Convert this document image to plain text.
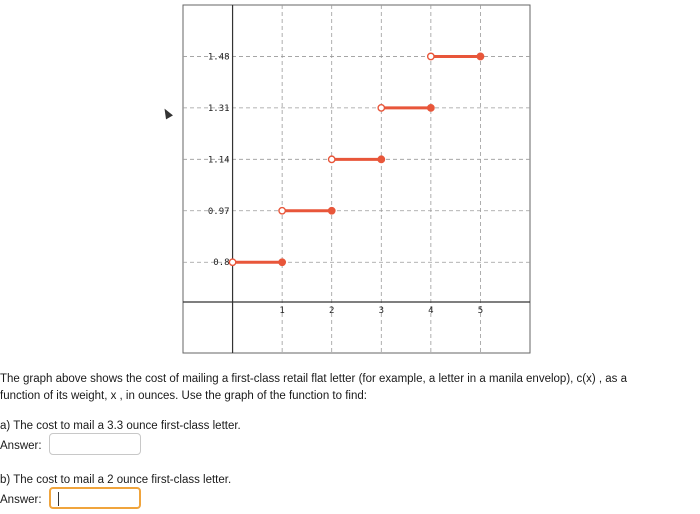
1	2	3	4	5
0.8
0.97
1.14
1.31
1.48
The graph above shows the cost of mailing a first-class retail flat letter (for example, a letter in a manila envelop), c(x) , as a
function of its weight, x , in ounces. Use the graph of the function to find:
a) The cost to mail a 3.3 ounce first-class letter.
Answer:
b) The cost to mail a 2 ounce first-class letter.
Answer:
